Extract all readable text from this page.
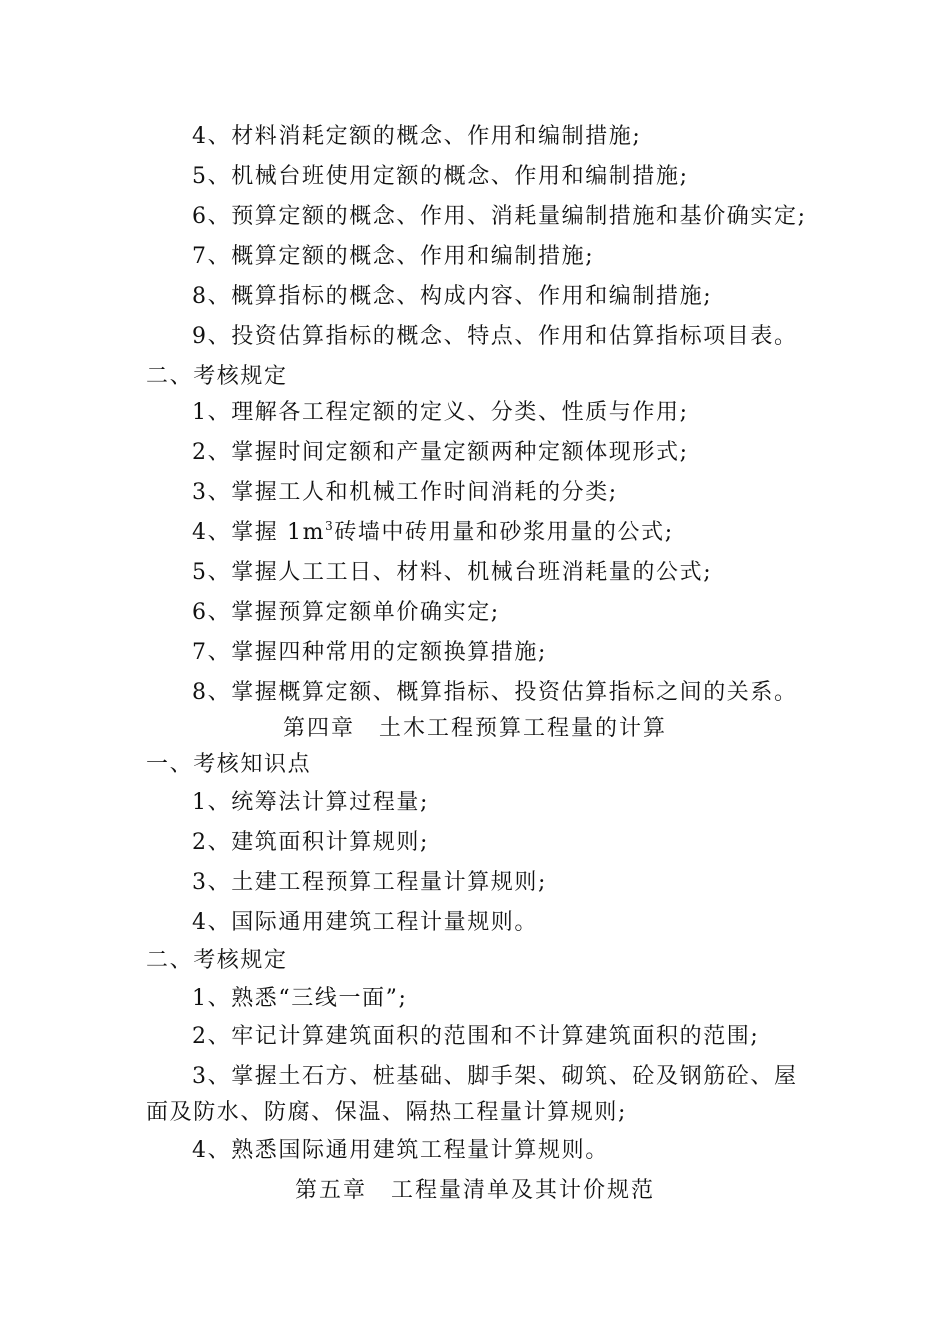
4、材料消耗定额的概念、作用和编制措施;
5、机械台班使用定额的概念、作用和编制措施;
6、预算定额的概念、作用、消耗量编制措施和基价确实定;
7、概算定额的概念、作用和编制措施;
8、概算指标的概念、构成内容、作用和编制措施;
9、投资估算指标的概念、特点、作用和估算指标项目表。
二、考核规定
1、理解各工程定额的定义、分类、性质与作用;
2、掌握时间定额和产量定额两种定额体现形式;
3、掌握工人和机械工作时间消耗的分类;
4、掌握 $1m^3$砖墙中砖用量和砂浆用量的公式;
5、掌握人工工日、材料、机械台班消耗量的公式;
6、掌握预算定额单价确实定;
7、掌握四种常用的定额换算措施;
8、掌握概算定额、概算指标、投资估算指标之间的关系。
第四章　土木工程预算工程量的计算
一、考核知识点
1、统筹法计算过程量;
2、建筑面积计算规则;
3、土建工程预算工程量计算规则;
4、国际通用建筑工程计量规则。
二、考核规定
1、熟悉“三线一面”;
2、牢记计算建筑面积的范围和不计算建筑面积的范围;
3、掌握土石方、桩基础、脚手架、砌筑、砼及钢筋砼、屋
面及防水、防腐、保温、隔热工程量计算规则;
4、熟悉国际通用建筑工程量计算规则。
第五章　工程量清单及其计价规范
